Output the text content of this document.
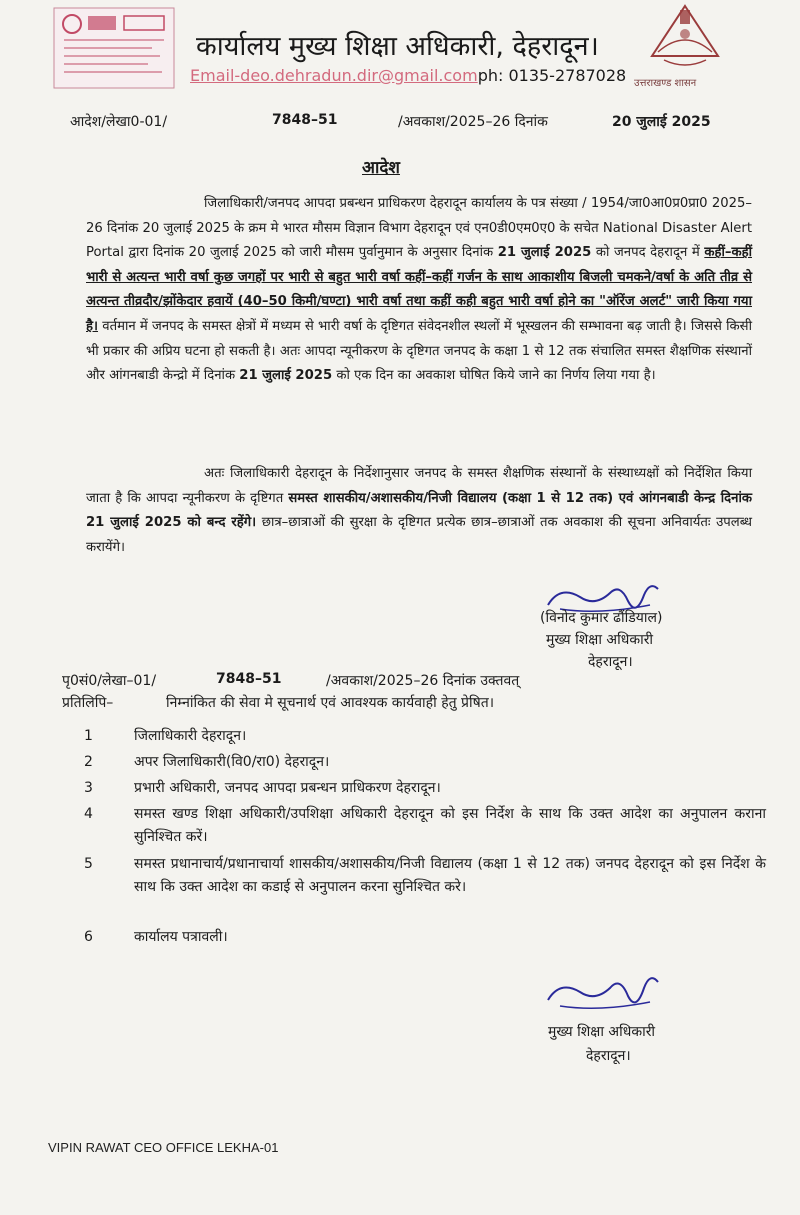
कार्यालय मुख्य शिक्षा अधिकारी, देहरादून।
Email-deo.dehradun.dir@gmail.comph: 0135-2787028 उत्तराखण्ड शासन
आदेश/लेखा0-01/	7848–51	/अवकाश/2025–26 दिनांक	20 जुलाई 2025
आदेश
जिलाधिकारी/जनपद आपदा प्रबन्धन प्राधिकरण देहरादून कार्यालय के पत्र संख्या / 1954/जा0आ0प्र0प्रा0 2025–26 दिनांक 20 जुलाई 2025 के क्रम मे भारत मौसम विज्ञान विभाग देहरादून एवं एन0डी0एम0ए0 के सचेत National Disaster Alert Portal द्वारा दिनांक 20 जुलाई 2025 को जारी मौसम पुर्वानुमान के अनुसार दिनांक 21 जुलाई 2025 को जनपद देहरादून में कहीं–कहीं भारी से अत्यन्त भारी वर्षा कुछ जगहों पर भारी से बहुत भारी वर्षा कहीं–कहीं गर्जन के साथ आकाशीय बिजली चमकने/वर्षा के अति तीव्र से अत्यन्त तीव्रदौर/झोंकेदार हवायें (40–50 किमी/घण्टा) भारी वर्षा तथा कहीं कही बहुत भारी वर्षा होने का "ऑरेंज अलर्ट" जारी किया गया है। वर्तमान में जनपद के समस्त क्षेत्रों में मध्यम से भारी वर्षा के दृष्टिगत संवेदनशील स्थलों में भूस्खलन की सम्भावना बढ़ जाती है। जिससे किसी भी प्रकार की अप्रिय घटना हो सकती है। अतः आपदा न्यूनीकरण के दृष्टिगत जनपद के कक्षा 1 से 12 तक संचालित समस्त शैक्षणिक संस्थानों और आंगनबाडी केन्द्रो में दिनांक 21 जुलाई 2025 को एक दिन का अवकाश घोषित किये जाने का निर्णय लिया गया है।
अतः जिलाधिकारी देहरादून के निर्देशानुसार जनपद के समस्त शैक्षणिक संस्थानों के संस्थाध्यक्षों को निर्देशित किया जाता है कि आपदा न्यूनीकरण के दृष्टिगत समस्त शासकीय/अशासकीय/निजी विद्यालय (कक्षा 1 से 12 तक) एवं आंगनबाडी केन्द्र दिनांक 21 जुलाई 2025 को बन्द रहेंगे। छात्र–छात्राओं की सुरक्षा के दृष्टिगत प्रत्येक छात्र–छात्राओं तक अवकाश की सूचना अनिवार्यतः उपलब्ध करायेंगे।
(विनोद कुमार ढौंडियाल)
मुख्य शिक्षा अधिकारी
देहरादून।
पृ0सं0/लेखा–01/	7848–51	/अवकाश/2025–26 दिनांक उक्तवत्
प्रतिलिपि–	निम्नांकित की सेवा मे सूचनार्थ एवं आवश्यक कार्यवाही हेतु प्रेषित।
1	जिलाधिकारी देहरादून।
2	अपर जिलाधिकारी(वि0/रा0) देहरादून।
3	प्रभारी अधिकारी, जनपद आपदा प्रबन्धन प्राधिकरण देहरादून।
4	समस्त खण्ड शिक्षा अधिकारी/उपशिक्षा अधिकारी देहरादून को इस निर्देश के साथ कि उक्त आदेश का अनुपालन कराना सुनिश्चित करें।
5	समस्त प्रधानाचार्य/प्रधानाचार्या शासकीय/अशासकीय/निजी विद्यालय (कक्षा 1 से 12 तक) जनपद देहरादून को इस निर्देश के साथ कि उक्त आदेश का कडाई से अनुपालन करना सुनिश्चित करे।
6	कार्यालय पत्रावली।
मुख्य शिक्षा अधिकारी
देहरादून।
VIPIN RAWAT CEO OFFICE LEKHA-01
